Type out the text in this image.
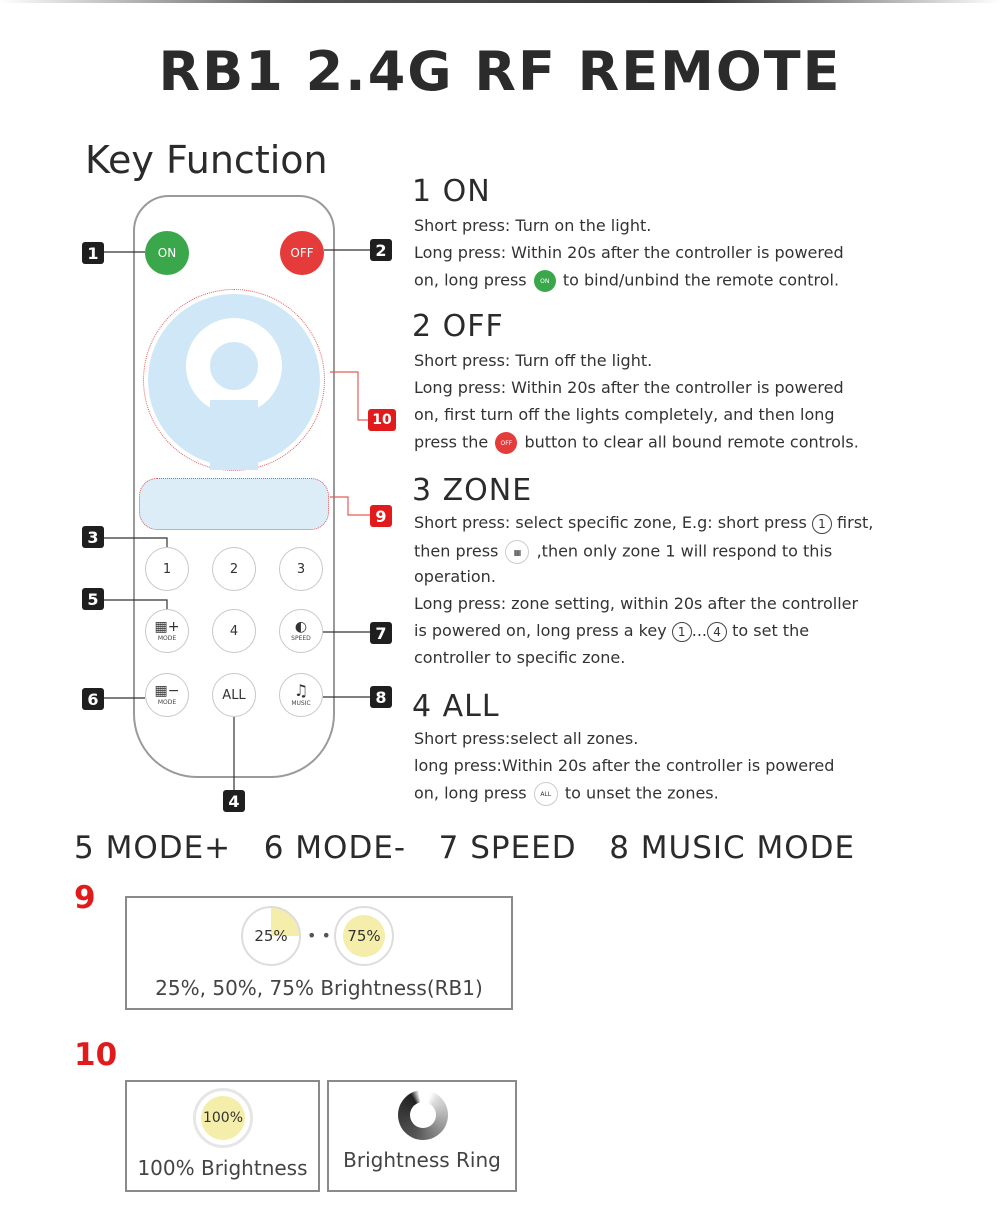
RB1 2.4G RF REMOTE
Key Function
ON	OFF
1	2	3
▦+
MODE	4	◐
SPEED
▦−
MODE	ALL	♫
MUSIC
1	2
3
5
6
7
8
4
9
10
1 ON
Short press: Turn on the light.
Long press: Within 20s after the controller is powered
on, long press ON to bind/unbind the remote control.
2 OFF
Short press: Turn off the light.
Long press: Within 20s after the controller is powered
on, first turn off the lights completely, and then long
press the OFF button to clear all bound remote controls.
3 ZONE
Short press: select specific zone, E.g: short press 1 first,
then press ▦ ,then only zone 1 will respond to this
operation.
Long press: zone setting, within 20s after the controller
is powered on, long press a key 1 ... 4 to set the
controller to specific zone.
4 ALL
Short press:select all zones.
long press:Within 20s after the controller is powered
on, long press ALL to unset the zones.
5 MODE+   6 MODE-   7 SPEED   8 MUSIC MODE
9
25% • • 75%
25%, 50%, 75% Brightness(RB1)
10
100%
100% Brightness	Brightness Ring
